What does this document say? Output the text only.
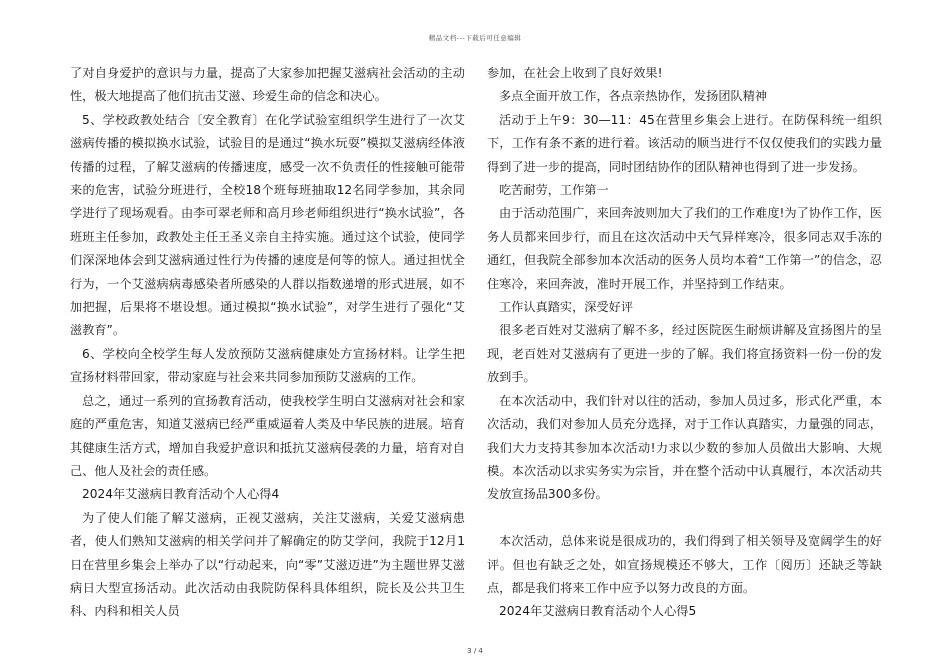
精品文档---下载后可任意编辑

了对自身爱护的意识与力量，提高了大家参加把握艾滋病社会活动的主动性，极大地提高了他们抗击艾滋、珍爱生命的信念和决心。

5、学校政教处结合〔安全教育〕在化学试验室组织学生进行了一次艾滋病传播的模拟换水试验，试验目的是通过“换水玩耍”模拟艾滋病经体液传播的过程，了解艾滋病的传播速度，感受一次不负责任的性接触可能带来的危害，试验分班进行，全校18个班每班抽取12名同学参加，其余同学进行了现场观看。由李可翠老师和高月珍老师组织进行“换水试验”，各班班主任参加，政教处主任王圣义亲自主持实施。通过这个试验，使同学们深深地体会到艾滋病通过性行为传播的速度是何等的惊人。通过担忧全行为，一个艾滋病病毒感染者所感染的人群以指数递增的形式进展，如不加把握，后果将不堪设想。通过模拟“换水试验”，对学生进行了强化“艾滋教育”。

6、学校向全校学生每人发放预防艾滋病健康处方宣扬材料。让学生把宣扬材料带回家，带动家庭与社会来共同参加预防艾滋病的工作。

总之，通过一系列的宣扬教育活动，使我校学生明白艾滋病对社会和家庭的严重危害，知道艾滋病已经严重威逼着人类及中华民族的进展。培育其健康生活方式，增加自我爱护意识和抵抗艾滋病侵袭的力量，培育对自己、他人及社会的责任感。

2024年艾滋病日教育活动个人心得4

为了使人们能了解艾滋病，正视艾滋病，关注艾滋病，关爱艾滋病患者，使人们熟知艾滋病的相关学问并了解确定的防艾学问，我院于12月1日在营里乡集会上举办了以“行动起来，向“零”艾滋迈进”为主题世界艾滋病日大型宣扬活动。此次活动由我院防保科具体组织，院长及公共卫生科、内科和相关人员

参加，在社会上收到了良好效果!

多点全面开放工作，各点亲热协作，发扬团队精神

活动于上午9：30—11：45在营里乡集会上进行。在防保科统一组织下，工作有条不紊的进行着。该活动的顺当进行不仅仅使我们的实践力量得到了进一步的提高，同时团结协作的团队精神也得到了进一步发扬。

吃苦耐劳，工作第一

由于活动范围广，来回奔波则加大了我们的工作难度!为了协作工作，医务人员都来回步行，而且在这次活动中天气异样寒冷，很多同志双手冻的通红，但我院全部参加本次活动的医务人员均本着“工作第一”的信念，忍住寒冷，来回奔波，准时开展工作，并坚持到工作结束。

工作认真踏实，深受好评

很多老百姓对艾滋病了解不多，经过医院医生耐烦讲解及宣扬图片的呈现，老百姓对艾滋病有了更进一步的了解。我们将宣扬资料一份一份的发放到手。

在本次活动中，我们针对以往的活动，参加人员过多，形式化严重，本次活动，我们对参加人员充分选择，对于工作认真踏实，力量强的同志，我们大力支持其参加本次活动!力求以少数的参加人员做出大影响、大规模。本次活动以求实务实为宗旨，并在整个活动中认真履行，本次活动共发放宣扬品300多份。

本次活动，总体来说是很成功的，我们得到了相关领导及宽阔学生的好评。但也有缺乏之处，如宣扬规模还不够大，工作〔阅历〕还缺乏等缺点，都是我们将来工作中应予以努力改良的方面。

2024年艾滋病日教育活动个人心得5

3 / 4
